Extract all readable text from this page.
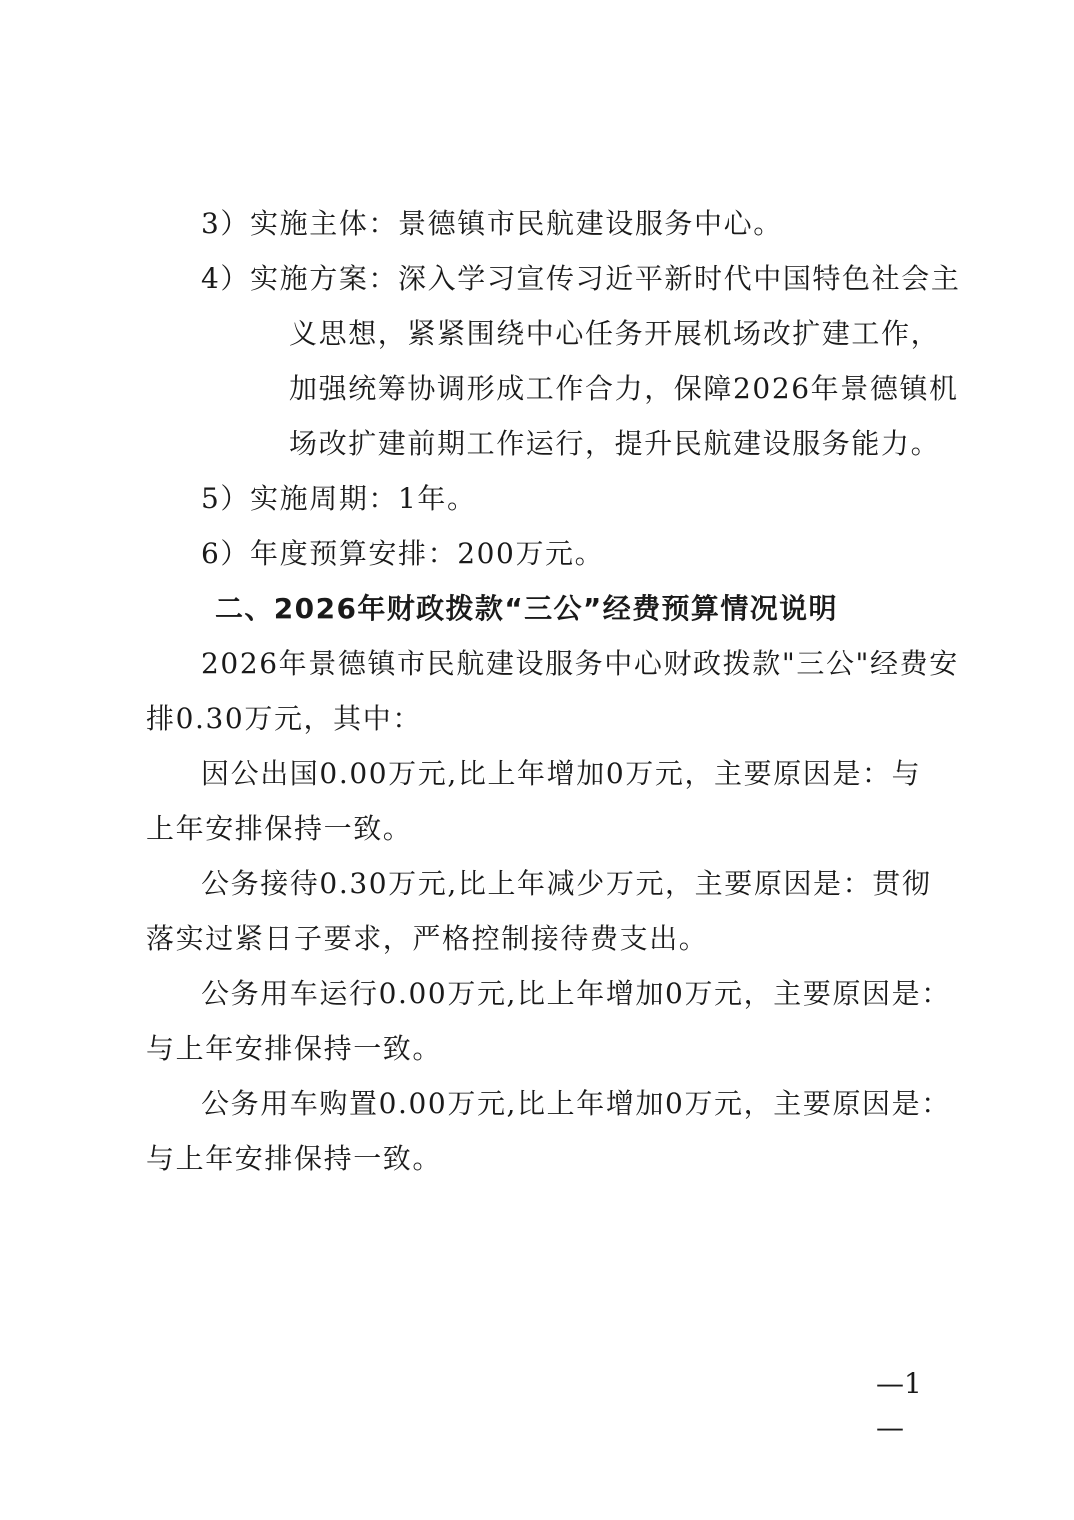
3）实施主体：景德镇市民航建设服务中心。
4）实施方案：深入学习宣传习近平新时代中国特色社会主
义思想，紧紧围绕中心任务开展机场改扩建工作，
加强统筹协调形成工作合力，保障2026年景德镇机
场改扩建前期工作运行，提升民航建设服务能力。
5）实施周期：1年。
6）年度预算安排：200万元。
二、2026年财政拨款“三公”经费预算情况说明
2026年景德镇市民航建设服务中心财政拨款"三公"经费安
排0.30万元，其中：
因公出国0.00万元,比上年增加0万元，主要原因是：与
上年安排保持一致。
公务接待0.30万元,比上年减少万元，主要原因是：贯彻
落实过紧日子要求，严格控制接待费支出。
公务用车运行0.00万元,比上年增加0万元，主要原因是：
与上年安排保持一致。
公务用车购置0.00万元,比上年增加0万元，主要原因是：
与上年安排保持一致。
—1
—
